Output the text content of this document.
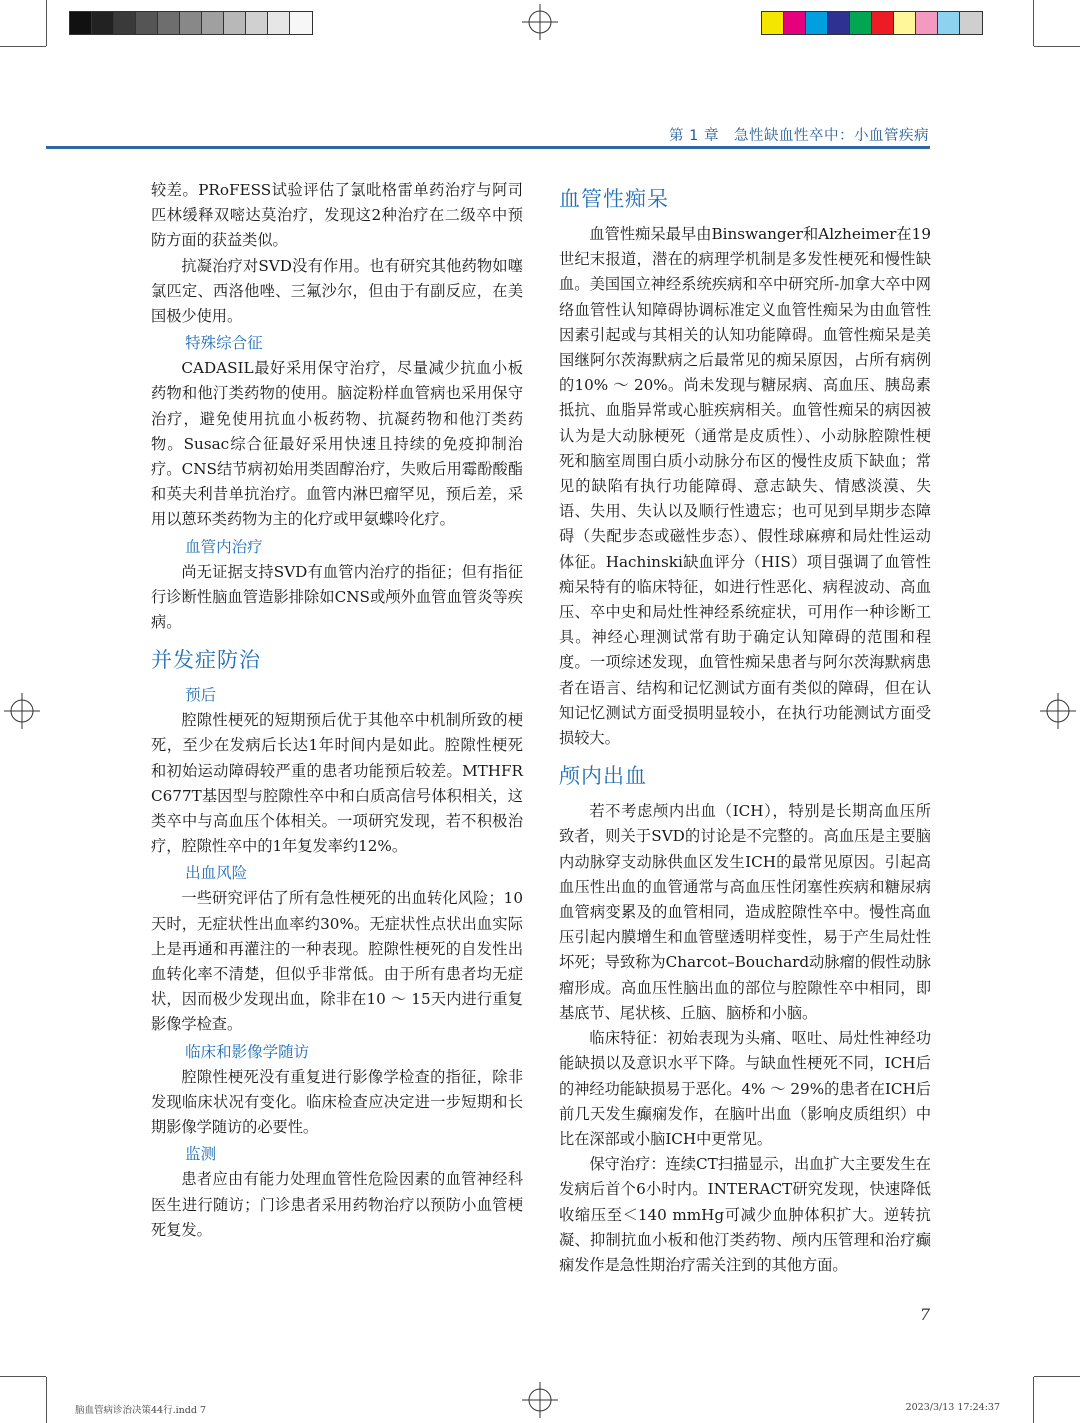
第 1 章　急性缺血性卒中：小血管疾病

较差。PRoFESS试验评估了氯吡格雷单药治疗与阿司匹林缓释双嘧达莫治疗，发现这2种治疗在二级卒中预防方面的获益类似。

抗凝治疗对SVD没有作用。也有研究其他药物如噻氯匹定、西洛他唑、三氟沙尔，但由于有副反应，在美国极少使用。

特殊综合征

CADASIL最好采用保守治疗，尽量减少抗血小板药物和他汀类药物的使用。脑淀粉样血管病也采用保守治疗，避免使用抗血小板药物、抗凝药物和他汀类药物。Susac综合征最好采用快速且持续的免疫抑制治疗。CNS结节病初始用类固醇治疗，失败后用霉酚酸酯和英夫利昔单抗治疗。血管内淋巴瘤罕见，预后差，采用以蒽环类药物为主的化疗或甲氨蝶呤化疗。

血管内治疗

尚无证据支持SVD有血管内治疗的指征；但有指征行诊断性脑血管造影排除如CNS或颅外血管血管炎等疾病。

并发症防治
预后

腔隙性梗死的短期预后优于其他卒中机制所致的梗死，至少在发病后长达1年时间内是如此。腔隙性梗死和初始运动障碍较严重的患者功能预后较差。MTHFR C677T基因型与腔隙性卒中和白质高信号体积相关，这类卒中与高血压个体相关。一项研究发现，若不积极治疗，腔隙性卒中的1年复发率约12%。

出血风险

一些研究评估了所有急性梗死的出血转化风险；10天时，无症状性出血率约30%。无症状性点状出血实际上是再通和再灌注的一种表现。腔隙性梗死的自发性出血转化率不清楚，但似乎非常低。由于所有患者均无症状，因而极少发现出血，除非在10 ～ 15天内进行重复影像学检查。

临床和影像学随访

腔隙性梗死没有重复进行影像学检查的指征，除非发现临床状况有变化。临床检查应决定进一步短期和长期影像学随访的必要性。

监测

患者应由有能力处理血管性危险因素的血管神经科医生进行随访；门诊患者采用药物治疗以预防小血管梗死复发。

血管性痴呆

血管性痴呆最早由Binswanger和Alzheimer在19世纪末报道，潜在的病理学机制是多发性梗死和慢性缺血。美国国立神经系统疾病和卒中研究所-加拿大卒中网络血管性认知障碍协调标准定义血管性痴呆为由血管性因素引起或与其相关的认知功能障碍。血管性痴呆是美国继阿尔茨海默病之后最常见的痴呆原因，占所有病例的10% ～ 20%。尚未发现与糖尿病、高血压、胰岛素抵抗、血脂异常或心脏疾病相关。血管性痴呆的病因被认为是大动脉梗死（通常是皮质性）、小动脉腔隙性梗死和脑室周围白质小动脉分布区的慢性皮质下缺血；常见的缺陷有执行功能障碍、意志缺失、情感淡漠、失语、失用、失认以及顺行性遗忘；也可见到早期步态障碍（失配步态或磁性步态）、假性球麻痹和局灶性运动体征。Hachinski缺血评分（HIS）项目强调了血管性痴呆特有的临床特征，如进行性恶化、病程波动、高血压、卒中史和局灶性神经系统症状，可用作一种诊断工具。神经心理测试常有助于确定认知障碍的范围和程度。一项综述发现，血管性痴呆患者与阿尔茨海默病患者在语言、结构和记忆测试方面有类似的障碍，但在认知记忆测试方面受损明显较小，在执行功能测试方面受损较大。

颅内出血

若不考虑颅内出血（ICH），特别是长期高血压所致者，则关于SVD的讨论是不完整的。高血压是主要脑内动脉穿支动脉供血区发生ICH的最常见原因。引起高血压性出血的血管通常与高血压性闭塞性疾病和糖尿病血管病变累及的血管相同，造成腔隙性卒中。慢性高血压引起内膜增生和血管壁透明样变性，易于产生局灶性坏死；导致称为Charcot–Bouchard动脉瘤的假性动脉瘤形成。高血压性脑出血的部位与腔隙性卒中相同，即基底节、尾状核、丘脑、脑桥和小脑。

临床特征：初始表现为头痛、呕吐、局灶性神经功能缺损以及意识水平下降。与缺血性梗死不同，ICH后的神经功能缺损易于恶化。4% ～ 29%的患者在ICH后前几天发生癫痫发作，在脑叶出血（影响皮质组织）中比在深部或小脑ICH中更常见。

保守治疗：连续CT扫描显示，出血扩大主要发生在发病后首个6小时内。INTERACT研究发现，快速降低收缩压至＜140 mmHg可减少血肿体积扩大。逆转抗凝、抑制抗血小板和他汀类药物、颅内压管理和治疗癫痫发作是急性期治疗需关注到的其他方面。

7
脑血管病诊治决策44行.indd 7	2023/3/13 17:24:37
